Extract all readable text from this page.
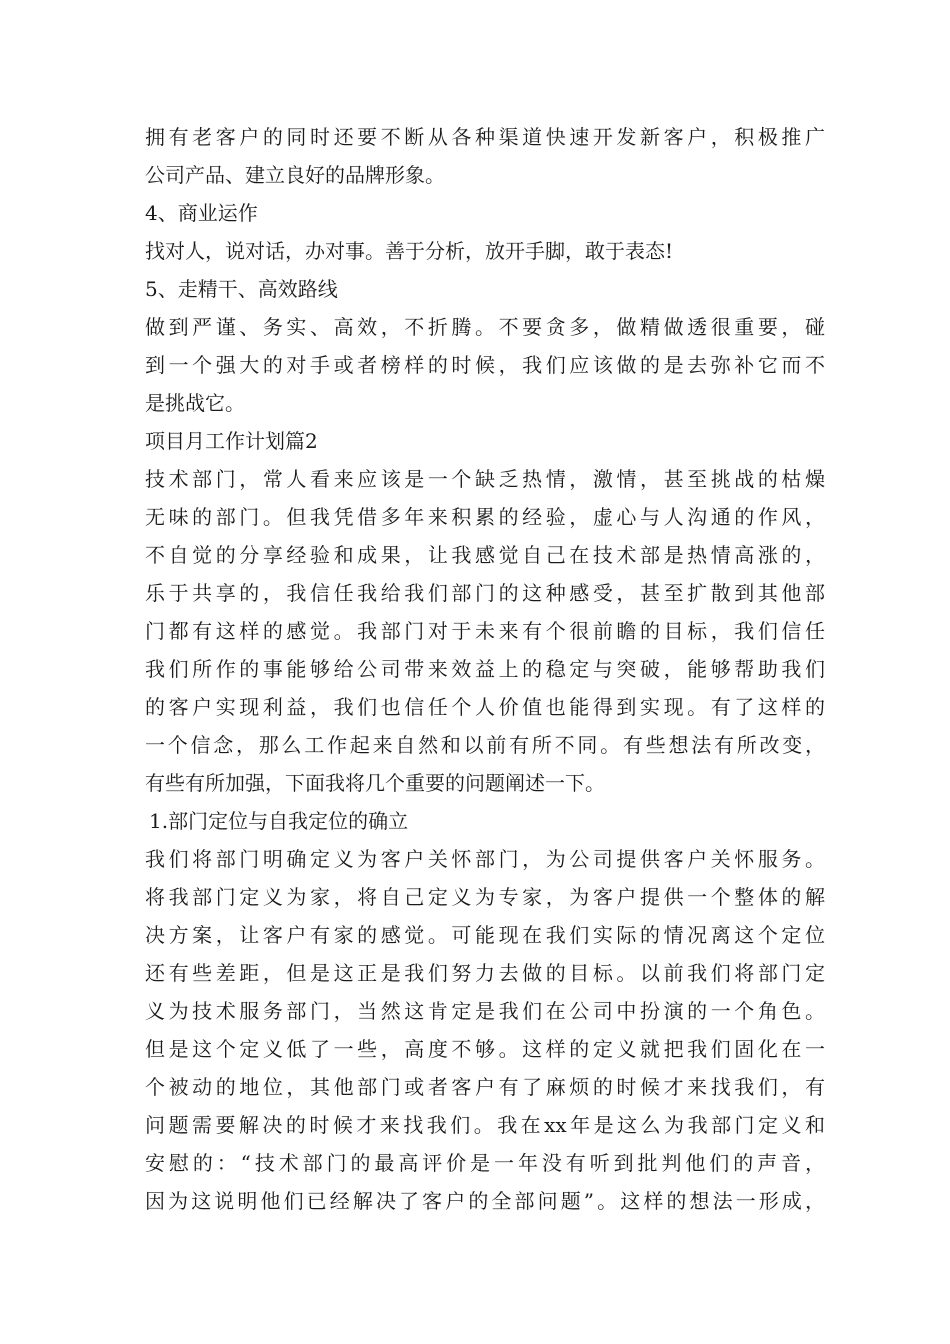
拥有老客户的同时还要不断从各种渠道快速开发新客户，积极推广
公司产品、建立良好的品牌形象。
4、商业运作
找对人，说对话，办对事。善于分析，放开手脚，敢于表态!
5、走精干、高效路线
做到严谨、务实、高效，不折腾。不要贪多，做精做透很重要，碰
到一个强大的对手或者榜样的时候，我们应该做的是去弥补它而不
是挑战它。
项目月工作计划篇2
技术部门，常人看来应该是一个缺乏热情，激情，甚至挑战的枯燥
无味的部门。但我凭借多年来积累的经验，虚心与人沟通的作风，
不自觉的分享经验和成果，让我感觉自己在技术部是热情高涨的，
乐于共享的，我信任我给我们部门的这种感受，甚至扩散到其他部
门都有这样的感觉。我部门对于未来有个很前瞻的目标，我们信任
我们所作的事能够给公司带来效益上的稳定与突破，能够帮助我们
的客户实现利益，我们也信任个人价值也能得到实现。有了这样的
一个信念，那么工作起来自然和以前有所不同。有些想法有所改变，
有些有所加强，下面我将几个重要的问题阐述一下。
1.部门定位与自我定位的确立
我们将部门明确定义为客户关怀部门，为公司提供客户关怀服务。
将我部门定义为家，将自己定义为专家，为客户提供一个整体的解
决方案，让客户有家的感觉。可能现在我们实际的情况离这个定位
还有些差距，但是这正是我们努力去做的目标。以前我们将部门定
义为技术服务部门，当然这肯定是我们在公司中扮演的一个角色。
但是这个定义低了一些，高度不够。这样的定义就把我们固化在一
个被动的地位，其他部门或者客户有了麻烦的时候才来找我们，有
问题需要解决的时候才来找我们。我在xx年是这么为我部门定义和
安慰的：“技术部门的最高评价是一年没有听到批判他们的声音，
因为这说明他们已经解决了客户的全部问题”。这样的想法一形成，
